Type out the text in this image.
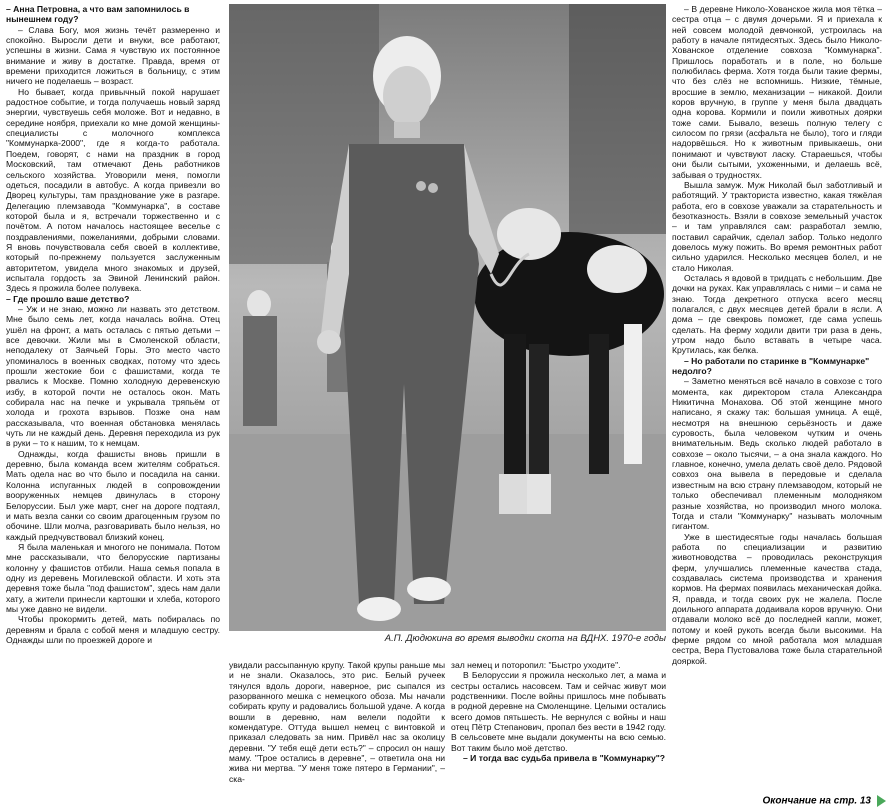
– Анна Петровна, а что вам запомнилось в нынешнем году?

– Слава Богу, моя жизнь течёт размеренно и спокойно. Выросли дети и внуки, все работают, успешны в жизни. Сама я чувствую их постоянное внимание и живу в достатке. Правда, время от времени приходится ложиться в больницу, с этим ничего не поделаешь – возраст.

Но бывает, когда привычный покой нарушает радостное событие, и тогда получаешь новый заряд энергии, чувствуешь себя моложе. Вот и недавно, в середине ноября, приехали ко мне домой женщины-специалисты с молочного комплекса "Коммунарка-2000", где я когда-то работала. Поедем, говорят, с нами на праздник в город Московский, там отмечают День работников сельского хозяйства. Уговорили меня, помогли одеться, посадили в автобус. А когда привезли во Дворец культуры, там празднование уже в разгаре. Делегацию племзавода "Коммунарка", в составе которой была и я, встречали торжественно и с почётом. А потом началось настоящее веселье с поздравлениями, пожеланиями, добрыми словами. Я вновь почувствовала себя своей в коллективе, который по-прежнему пользуется заслуженным авторитетом, увидела много знакомых и друзей, испытала гордость за Эвиной Ленинский район. Здесь я прожила более полувека.

– Где прошло ваше детство?

– Уж и не знаю, можно ли назвать это детством. Мне было семь лет, когда началась война. Отец ушёл на фронт, а мать осталась с пятью детьми – все девочки. Жили мы в Смоленской области, неподалеку от Заячьей Горы. Это место часто упоминалось в военных сводках, потому что здесь прошли жестокие бои с фашистами, когда те рвались к Москве. Помню холодную деревенскую избу, в которой почти не осталось окон. Мать собирала нас на печке и укрывала тряпьём от холода и грохота взрывов. Позже она нам рассказывала, что военная обстановка менялась чуть ли не каждый день. Деревня переходила из рук в руки – то к нашим, то к немцам.

Однажды, когда фашисты вновь пришли в деревню, была команда всем жителям собраться. Мать одела нас во что было и посадила на санки. Колонна испуганных людей в сопровождении вооруженных немцев двинулась в сторону Белоруссии. Был уже март, снег на дороге подтаял, и мать везла санки со своим драгоценным грузом по обочине. Шли молча, разговаривать было нельзя, но каждый предчувствовал близкий конец.

Я была маленькая и многого не понимала. Потом мне рассказывали, что белорусские партизаны колонну у фашистов отбили. Наша семья попала в одну из деревень Могилевской области. И хоть эта деревня тоже была "под фашистом", здесь нам дали хату, а жители принесли картошки и хлеба, которого мы уже давно не видели.

Чтобы прокормить детей, мать побиралась по деревням и брала с собой меня и младшую сестру. Однажды шли по проезжей дороге и	А.П. Дюдюкина во время выводки скота на ВДНХ. 1970-е годы

увидали рассыпанную крупу. Такой крупы раньше мы и не знали. Оказалось, это рис. Белый ручеек тянулся вдоль дороги, наверное, рис сыпался из разорванного мешка с немецкого обоза. Мы начали собирать крупу и радовались большой удаче. А когда вошли в деревню, нам велели подойти к комендатуре. Оттуда вышел немец с винтовкой и приказал следовать за ним. Привёл нас за околицу деревни. "У тебя ещё дети есть?" – спросил он нашу маму. "Трое остались в деревне", – ответила она ни жива ни мертва. "У меня тоже пятеро в Германии", – ска-

зал немец и поторопил: "Быстро уходите".

В Белоруссии я прожила несколько лет, а мама и сестры остались насовсем. Там и сейчас живут мои родственники. После войны пришлось мне побывать в родной деревне на Смоленщине. Целыми остались всего домов пятьшесть. Не вернулся с войны и наш отец Пётр Степанович, пропал без вести в 1942 году. В сельсовете мне выдали документы на всю семью. Вот таким было моё детство.

– И тогда вас судьба привела в "Коммунарку"?

– В деревне Николо-Хованское жила моя тётка – сестра отца – с двумя дочерьми. Я и приехала к ней совсем молодой девчонкой, устроилась на работу в начале пятидесятых. Здесь было Николо-Хованское отделение совхоза "Коммунарка". Пришлось поработать и в поле, но больше полюбилась ферма. Хотя тогда были такие фермы, что без слёз не вспомнишь. Низкие, тёмные, вросшие в землю, механизации – никакой. Доили коров вручную, в группе у меня была двадцать одна корова. Кормили и поили животных доярки тоже сами. Бывало, везешь полную телегу с силосом по грязи (асфальта не было), того и гляди надорвёшься. Но к животным привыкаешь, они понимают и чувствуют ласку. Стараешься, чтобы они были сытыми, ухоженными, и делаешь всё, забывая о трудностях.

Вышла замуж. Муж Николай был заботливый и работящий. У тракториста известно, какая тяжёлая работа, его в совхозе уважали за старательность и безотказность. Взяли в совхозе земельный участок – и там управлялся сам: разработал землю, поставил сарайчик, сделал забор. Только недолго довелось мужу пожить. Во время ремонтных работ сильно ударился. Несколько месяцев болел, и не стало Николая.

Осталась я вдовой в тридцать с небольшим. Две дочки на руках. Как управлялась с ними – и сама не знаю. Тогда декретного отпуска всего месяц полагался, с двух месяцев детей брали в ясли. А дома – где свекровь поможет, где сама успешь сделать. На ферму ходили двити три раза в день, утром надо было вставать в четыре часа. Крутилась, как белка.

– Но работали по старинке в "Коммунарке" недолго?

– Заметно меняться всё начало в совхозе с того момента, как директором стала Александра Никитична Монахова. Об этой женщине много написано, я скажу так: большая умница. А ещё, несмотря на внешнюю серьёзность и даже суровость, была человеком чутким и очень внимательным. Ведь сколько людей работало в совхозе – около тысячи, – а она знала каждого. Но главное, конечно, умела делать своё дело. Рядовой совхоз она вывела в передовые и сделала известным на всю страну племзаводом, который не только обеспечивал племенным молодняком разные хозяйства, но производил много молока. Тогда и стали "Коммунарку" называть молочным гигантом.

Уже в шестидесятые годы началась большая работа по специализации и развитию животноводства – проводилась реконструкция ферм, улучшались племенные качества стада, создавалась система производства и хранения кормов. На фермах появилась механическая дойка. Я, правда, и тогда своих рук не жалела. После доильного аппарата додаивала коров вручную. Они отдавали молоко всё до последней капли, может, потому и коей рукоть всегда были высокими. На ферме рядом со мной работала моя младшая сестра, Вера Пустовалова тоже была старательной дояркой.

Окончание на стр. 13
